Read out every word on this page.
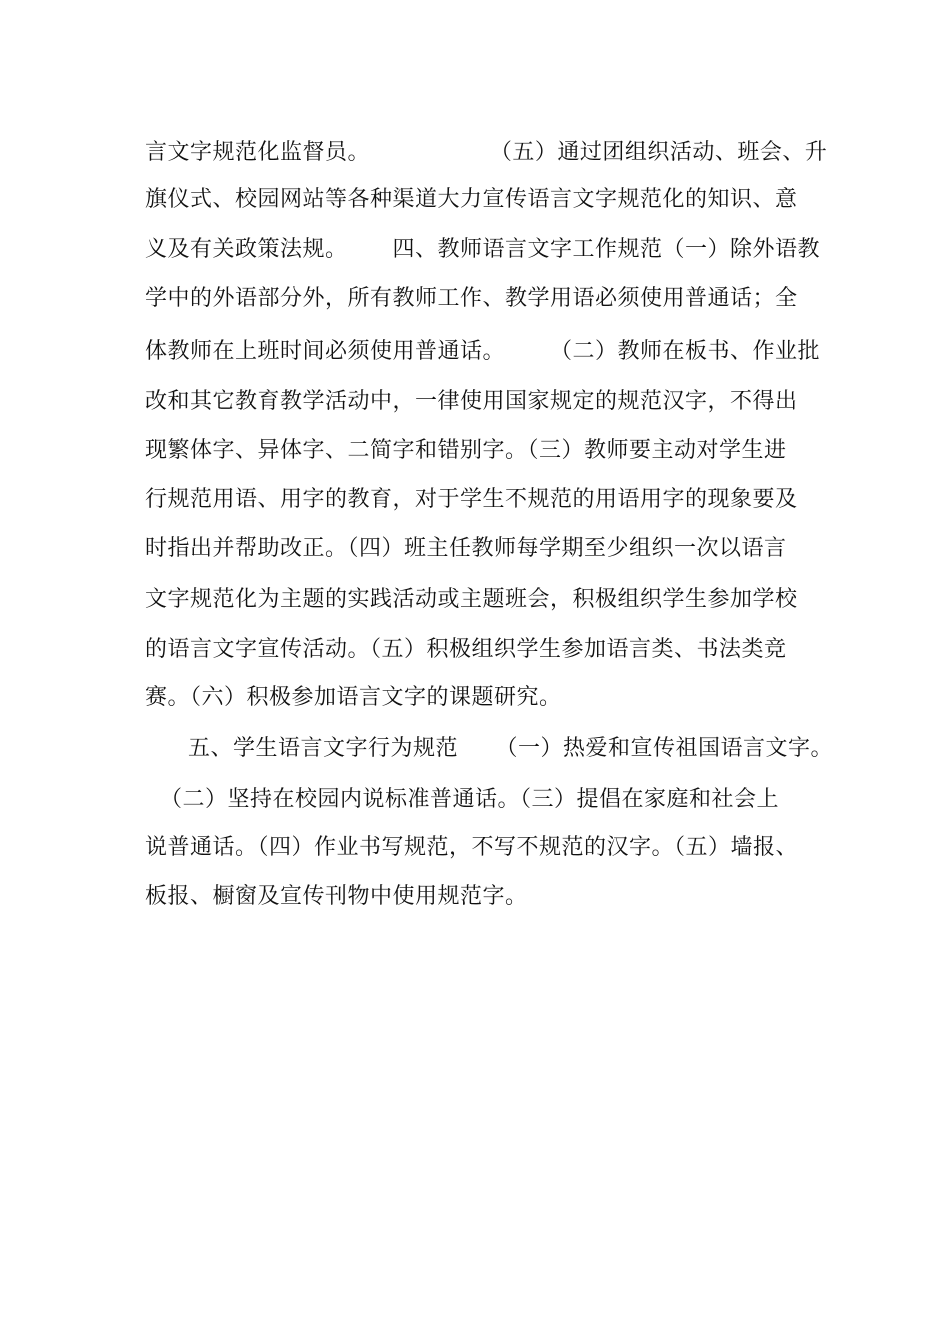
言文字规范化监督员。                （五）通过团组织活动、班会、升
旗仪式、校园网站等各种渠道大力宣传语言文字规范化的知识、意
义及有关政策法规。      四、教师语言文字工作规范（一）除外语教
学中的外语部分外，所有教师工作、教学用语必须使用普通话；全
体教师在上班时间必须使用普通话。      （二）教师在板书、作业批
改和其它教育教学活动中，一律使用国家规定的规范汉字，不得出
现繁体字、异体字、二简字和错别字。（三）教师要主动对学生进
行规范用语、用字的教育，对于学生不规范的用语用字的现象要及
时指出并帮助改正。（四）班主任教师每学期至少组织一次以语言
文字规范化为主题的实践活动或主题班会，积极组织学生参加学校
的语言文字宣传活动。（五）积极组织学生参加语言类、书法类竞
赛。（六）积极参加语言文字的课题研究。
五、学生语言文字行为规范     （一）热爱和宣传祖国语言文字。
（二）坚持在校园内说标准普通话。（三）提倡在家庭和社会上
说普通话。（四）作业书写规范，不写不规范的汉字。（五）墙报、
板报、橱窗及宣传刊物中使用规范字。
